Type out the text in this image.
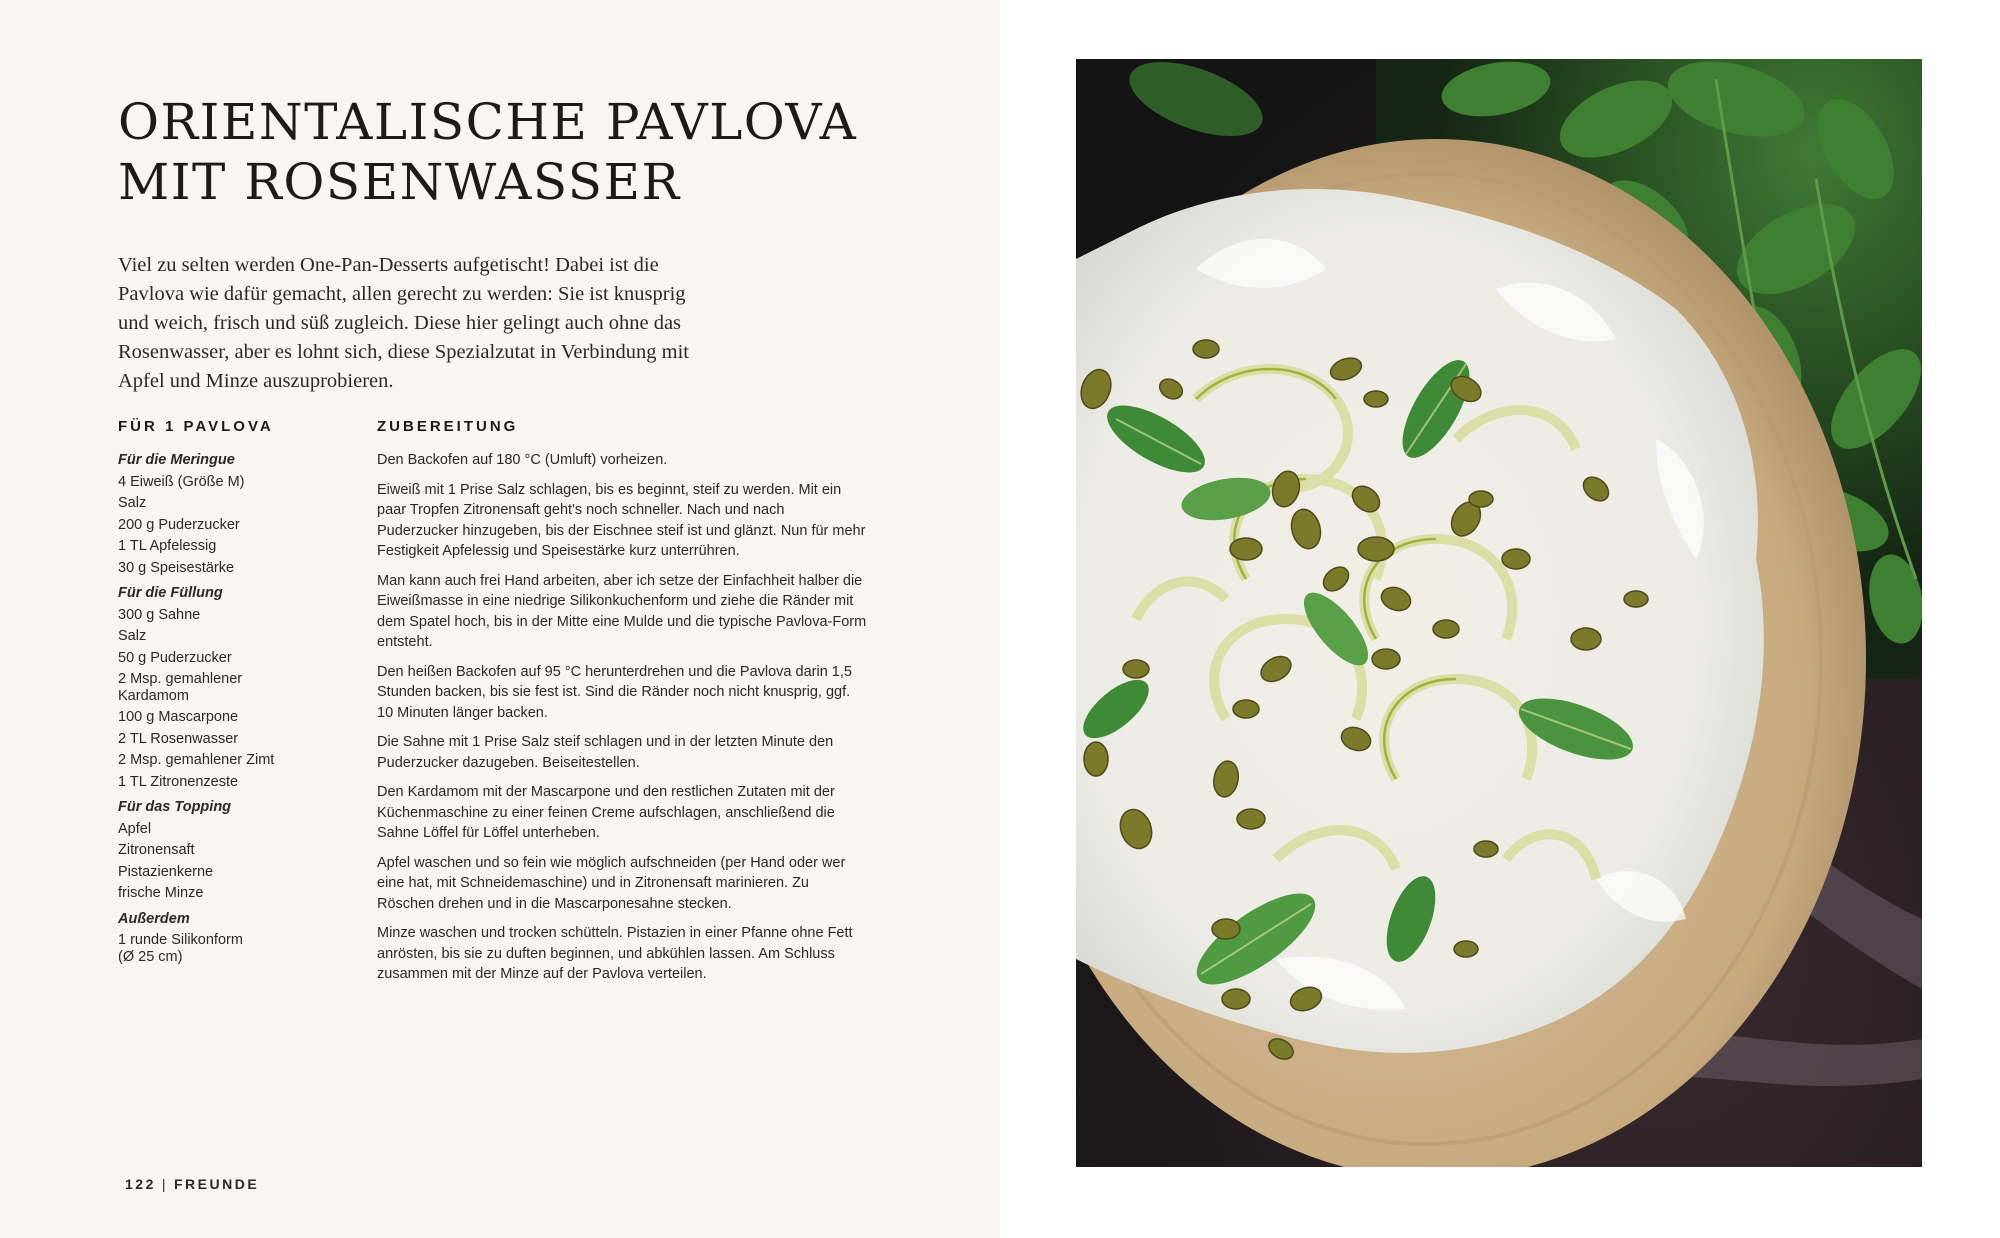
ORIENTALISCHE PAVLOVA
MIT ROSENWASSER

Viel zu selten werden One-Pan-Desserts aufgetischt! Dabei ist die Pavlova wie dafür gemacht, allen gerecht zu werden: Sie ist knusprig und weich, frisch und süß zugleich. Diese hier gelingt auch ohne das Rosenwasser, aber es lohnt sich, diese Spezialzutat in Verbindung mit Apfel und Minze auszuprobieren.

FÜR 1 PAVLOVA	ZUBEREITUNG
Für die Meringue
4 Eiweiß (Größe M)
Salz
200 g Puderzucker
1 TL Apfelessig
30 g Speisestärke
Für die Füllung
300 g Sahne
Salz
50 g Puderzucker
2 Msp. gemahlener Kardamom
100 g Mascarpone
2 TL Rosenwasser
2 Msp. gemahlener Zimt
1 TL Zitronenzeste
Für das Topping
Apfel
Zitronensaft
Pistazienkerne
frische Minze
Außerdem
1 runde Silikonform (Ø 25 cm)

Den Backofen auf 180 °C (Umluft) vorheizen.

Eiweiß mit 1 Prise Salz schlagen, bis es beginnt, steif zu werden. Mit ein paar Tropfen Zitronensaft geht's noch schneller. Nach und nach Puderzucker hinzugeben, bis der Eischnee steif ist und glänzt. Nun für mehr Festigkeit Apfelessig und Speisestärke kurz unterrühren.

Man kann auch frei Hand arbeiten, aber ich setze der Einfachheit halber die Eiweißmasse in eine niedrige Silikonkuchenform und ziehe die Ränder mit dem Spatel hoch, bis in der Mitte eine Mulde und die typische Pavlova-Form entsteht.

Den heißen Backofen auf 95 °C herunterdrehen und die Pavlova darin 1,5 Stunden backen, bis sie fest ist. Sind die Ränder noch nicht knusprig, ggf. 10 Minuten länger backen.

Die Sahne mit 1 Prise Salz steif schlagen und in der letzten Minute den Puderzucker dazugeben. Beiseitestellen.

Den Kardamom mit der Mascarpone und den restlichen Zutaten mit der Küchenmaschine zu einer feinen Creme aufschlagen, anschließend die Sahne Löffel für Löffel unterheben.

Apfel waschen und so fein wie möglich aufschneiden (per Hand oder wer eine hat, mit Schneidemaschine) und in Zitronensaft marinieren. Zu Röschen drehen und in die Mascarponesahne stecken.

Minze waschen und trocken schütteln. Pistazien in einer Pfanne ohne Fett anrösten, bis sie zu duften beginnen, und abkühlen lassen. Am Schluss zusammen mit der Minze auf der Pavlova verteilen.

122 | FREUNDE
